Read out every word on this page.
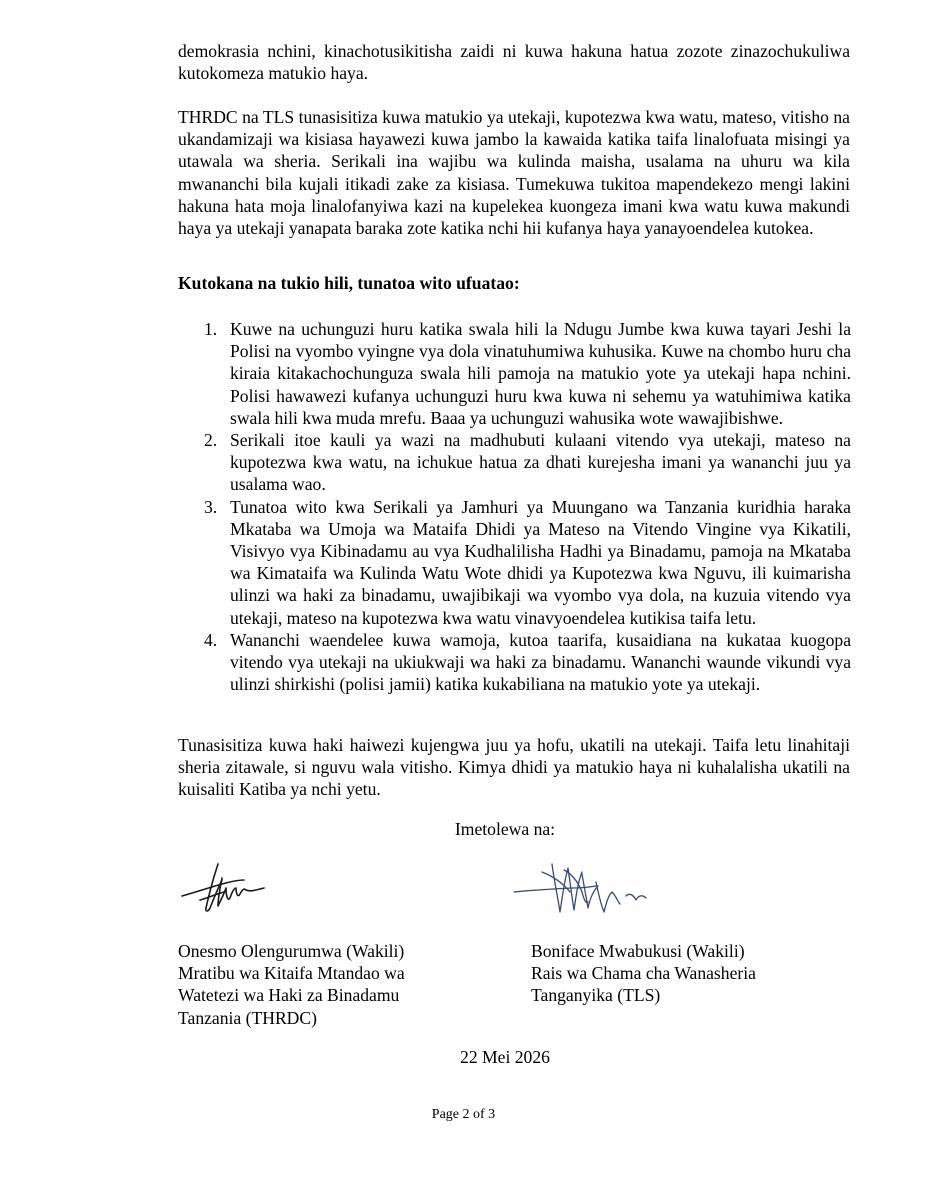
demokrasia nchini, kinachotusikitisha zaidi ni kuwa hakuna hatua zozote zinazochukuliwa kutokomeza matukio haya.

THRDC na TLS tunasisitiza kuwa matukio ya utekaji, kupotezwa kwa watu, mateso, vitisho na ukandamizaji wa kisiasa hayawezi kuwa jambo la kawaida katika taifa linalofuata misingi ya utawala wa sheria. Serikali ina wajibu wa kulinda maisha, usalama na uhuru wa kila mwananchi bila kujali itikadi zake za kisiasa. Tumekuwa tukitoa mapendekezo mengi lakini hakuna hata moja linalofanyiwa kazi na kupelekea kuongeza imani kwa watu kuwa makundi haya ya utekaji yanapata baraka zote katika nchi hii kufanya haya yanayoendelea kutokea.

Kutokana na tukio hili, tunatoa wito ufuatao:

1. Kuwe na uchunguzi huru katika swala hili la Ndugu Jumbe kwa kuwa tayari Jeshi la Polisi na vyombo vyingne vya dola vinatuhumiwa kuhusika. Kuwe na chombo huru cha kiraia kitakachochunguza swala hili pamoja na matukio yote ya utekaji hapa nchini. Polisi hawawezi kufanya uchunguzi huru kwa kuwa ni sehemu ya watuhimiwa katika swala hili kwa muda mrefu. Baaa ya uchunguzi wahusika wote wawajibishwe.
2. Serikali itoe kauli ya wazi na madhubuti kulaani vitendo vya utekaji, mateso na kupotezwa kwa watu, na ichukue hatua za dhati kurejesha imani ya wananchi juu ya usalama wao.
3. Tunatoa wito kwa Serikali ya Jamhuri ya Muungano wa Tanzania kuridhia haraka Mkataba wa Umoja wa Mataifa Dhidi ya Mateso na Vitendo Vingine vya Kikatili, Visivyo vya Kibinadamu au vya Kudhalilisha Hadhi ya Binadamu, pamoja na Mkataba wa Kimataifa wa Kulinda Watu Wote dhidi ya Kupotezwa kwa Nguvu, ili kuimarisha ulinzi wa haki za binadamu, uwajibikaji wa vyombo vya dola, na kuzuia vitendo vya utekaji, mateso na kupotezwa kwa watu vinavyoendelea kutikisa taifa letu.
4. Wananchi waendelee kuwa wamoja, kutoa taarifa, kusaidiana na kukataa kuogopa vitendo vya utekaji na ukiukwaji wa haki za binadamu. Wananchi waunde vikundi vya ulinzi shirkishi (polisi jamii) katika kukabiliana na matukio yote ya utekaji.

Tunasisitiza kuwa haki haiwezi kujengwa juu ya hofu, ukatili na utekaji. Taifa letu linahitaji sheria zitawale, si nguvu wala vitisho. Kimya dhidi ya matukio haya ni kuhalalisha ukatili na kuisaliti Katiba ya nchi yetu.

Imetolewa na:
Onesmo Olengurumwa (Wakili)
Mratibu wa Kitaifa Mtandao wa
Watetezi wa Haki za Binadamu
Tanzania (THRDC)
Boniface Mwabukusi (Wakili)
Rais wa Chama cha Wanasheria
Tanganyika (TLS)
22 Mei 2026
Page 2 of 3
